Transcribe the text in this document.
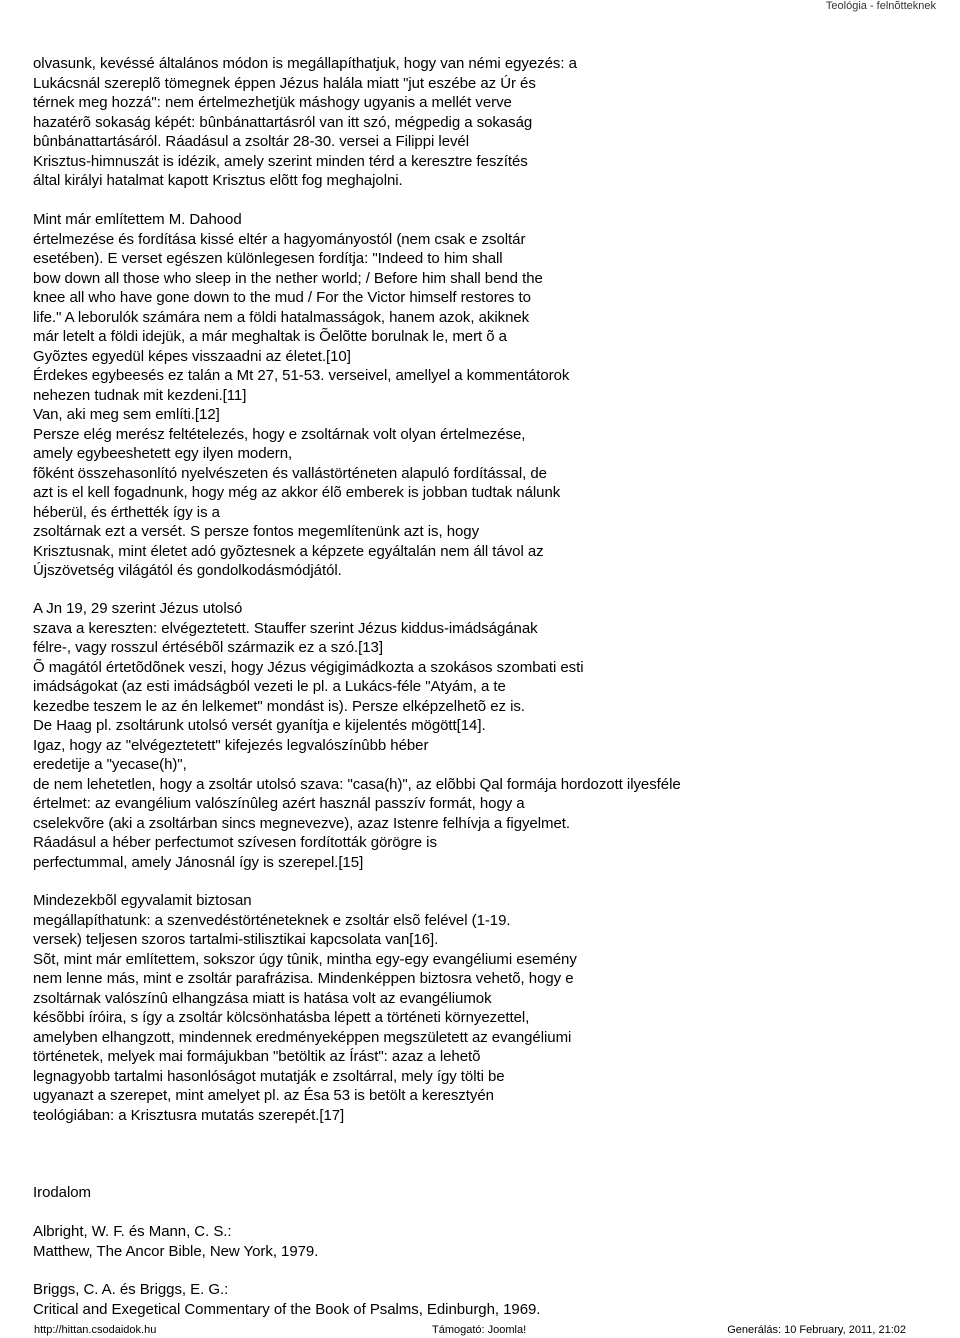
Teológia - felnõtteknek
olvasunk, kevéssé általános módon is megállapíthatjuk, hogy van némi egyezés: a
Lukácsnál szereplõ tömegnek éppen Jézus halála miatt "jut eszébe az Úr és
térnek meg hozzá": nem értelmezhetjük máshogy ugyanis a mellét verve
hazatérõ sokaság képét: bûnbánattartásról van itt szó, mégpedig a sokaság
bûnbánattartásáról. Ráadásul a zsoltár 28-30. versei a Filippi levél
Krisztus-himnuszát is idézik, amely szerint minden térd a keresztre feszítés
által királyi hatalmat kapott Krisztus elõtt fog meghajolni.
Mint már említettem M. Dahood
értelmezése és fordítása kissé eltér a hagyományostól (nem csak e zsoltár
esetében). E verset egészen különlegesen fordítja: "Indeed to him shall
bow down all those who sleep in the nether world; / Before him shall bend the
knee all who have gone down to the mud / For the Victor himself restores to
life." A leborulók számára nem a földi hatalmasságok, hanem azok, akiknek
már letelt a földi idejük, a már meghaltak is Õelõtte borulnak le, mert õ a
Gyõztes egyedül képes visszaadni az életet.[10]
Érdekes egybeesés ez talán a Mt 27, 51-53. verseivel, amellyel a kommentátorok
nehezen tudnak mit kezdeni.[11]
Van, aki meg sem említi.[12]
Persze elég merész feltételezés, hogy e zsoltárnak volt olyan értelmezése,
amely egybeeshetett egy ilyen modern,
fõként összehasonlító nyelvészeten és vallástörténeten alapuló fordítással, de
azt is el kell fogadnunk, hogy még az akkor élõ emberek is jobban tudtak nálunk
héberül, és érthették így is a
zsoltárnak ezt a versét. S persze fontos megemlítenünk azt is, hogy
Krisztusnak, mint életet adó gyõztesnek a képzete egyáltalán nem áll távol az
Újszövetség világától és gondolkodásmódjától.
A Jn 19, 29 szerint Jézus utolsó
szava a kereszten: elvégeztetett. Stauffer szerint Jézus kiddus-imádságának
félre-, vagy rosszul értésébõl származik ez a szó.[13]
Õ magától értetõdõnek veszi, hogy Jézus végigimádkozta a szokásos szombati esti
imádságokat (az esti imádságból vezeti le pl. a Lukács-féle "Atyám, a te
kezedbe teszem le az én lelkemet" mondást is). Persze elképzelhetõ ez is.
De Haag pl. zsoltárunk utolsó versét gyanítja e kijelentés mögött[14].
Igaz, hogy az "elvégeztetett" kifejezés legvalószínûbb héber
eredetije a "yecase(h)",
de nem lehetetlen, hogy a zsoltár utolsó szava: "casa(h)", az elõbbi Qal formája hordozott ilyesféle
értelmet: az evangélium valószínûleg azért használ passzív formát, hogy a
cselekvõre (aki a zsoltárban sincs megnevezve), azaz Istenre felhívja a figyelmet.
Ráadásul a héber perfectumot szívesen fordították görögre is
perfectummal, amely Jánosnál így is szerepel.[15]
Mindezekbõl egyvalamit biztosan
megállapíthatunk: a szenvedéstörténeteknek e zsoltár elsõ felével (1-19.
versek) teljesen szoros tartalmi-stilisztikai kapcsolata van[16].
Sõt, mint már említettem, sokszor úgy tûnik, mintha egy-egy evangéliumi esemény
nem lenne más, mint e zsoltár parafrázisa. Mindenképpen biztosra vehetõ, hogy e
zsoltárnak valószínû elhangzása miatt is hatása volt az evangéliumok
késõbbi íróira, s így a zsoltár kölcsönhatásba lépett a történeti környezettel,
amelyben elhangzott, mindennek eredményeképpen megszületett az evangéliumi
történetek, melyek mai formájukban "betöltik az Írást": azaz a lehetõ
legnagyobb tartalmi hasonlóságot mutatják e zsoltárral, mely így tölti be
ugyanazt a szerepet, mint amelyet pl. az Ésa 53 is betölt a keresztyén
teológiában: a Krisztusra mutatás szerepét.[17]
Irodalom
Albright, W. F. és Mann, C. S.:
Matthew, The Ancor Bible, New York, 1979.
Briggs, C. A. és Briggs, E. G.:
Critical and Exegetical Commentary of the Book of Psalms, Edinburgh, 1969.
http://hittan.csodaidok.hu	Támogató: Joomla!	Generálás: 10 February, 2011, 21:02
